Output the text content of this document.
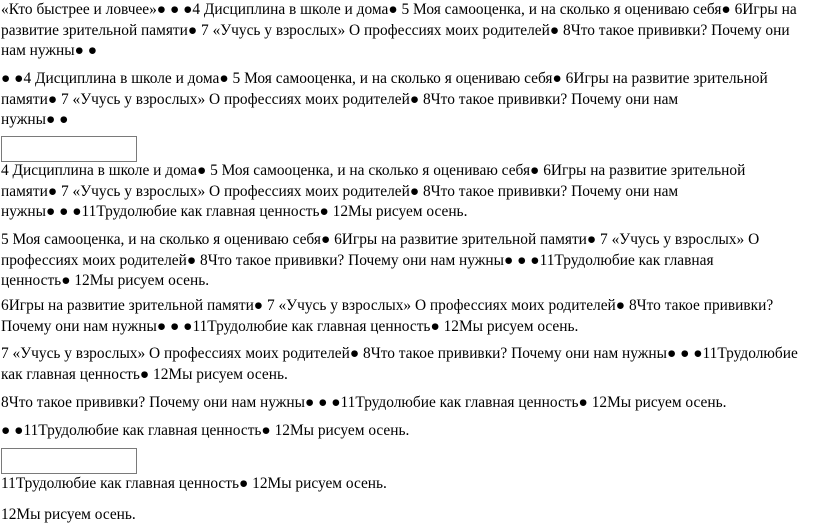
«Кто быстрее и ловчее»● ● ●4 Дисциплина в школе и дома● 5 Моя самооценка, и на сколько я оцениваю себя● 6Игры на
развитие зрительной памяти● 7 «Учусь у взрослых» О профессиях моих родителей● 8Что такое прививки? Почему они
нам нужны● ●

● ●4 Дисциплина в школе и дома● 5 Моя самооценка, и на сколько я оцениваю себя● 6Игры на развитие зрительной
памяти● 7 «Учусь у взрослых» О профессиях моих родителей● 8Что такое прививки? Почему они нам
нужны● ●

4 Дисциплина в школе и дома● 5 Моя самооценка, и на сколько я оцениваю себя● 6Игры на развитие зрительной
памяти● 7 «Учусь у взрослых» О профессиях моих родителей● 8Что такое прививки? Почему они нам
нужны● ● ●11Трудолюбие как главная ценность● 12Мы рисуем осень.

5 Моя самооценка, и на сколько я оцениваю себя● 6Игры на развитие зрительной памяти● 7 «Учусь у взрослых» О
профессиях моих родителей● 8Что такое прививки? Почему они нам нужны● ● ●11Трудолюбие как главная
ценность● 12Мы рисуем осень.

6Игры на развитие зрительной памяти● 7 «Учусь у взрослых» О профессиях моих родителей● 8Что такое прививки?
Почему они нам нужны● ● ●11Трудолюбие как главная ценность● 12Мы рисуем осень.

7 «Учусь у взрослых» О профессиях моих родителей● 8Что такое прививки? Почему они нам нужны● ● ●11Трудолюбие
как главная ценность● 12Мы рисуем осень.

8Что такое прививки? Почему они нам нужны● ● ●11Трудолюбие как главная ценность● 12Мы рисуем осень.

● ●11Трудолюбие как главная ценность● 12Мы рисуем осень.

11Трудолюбие как главная ценность● 12Мы рисуем осень.

12Мы рисуем осень.
